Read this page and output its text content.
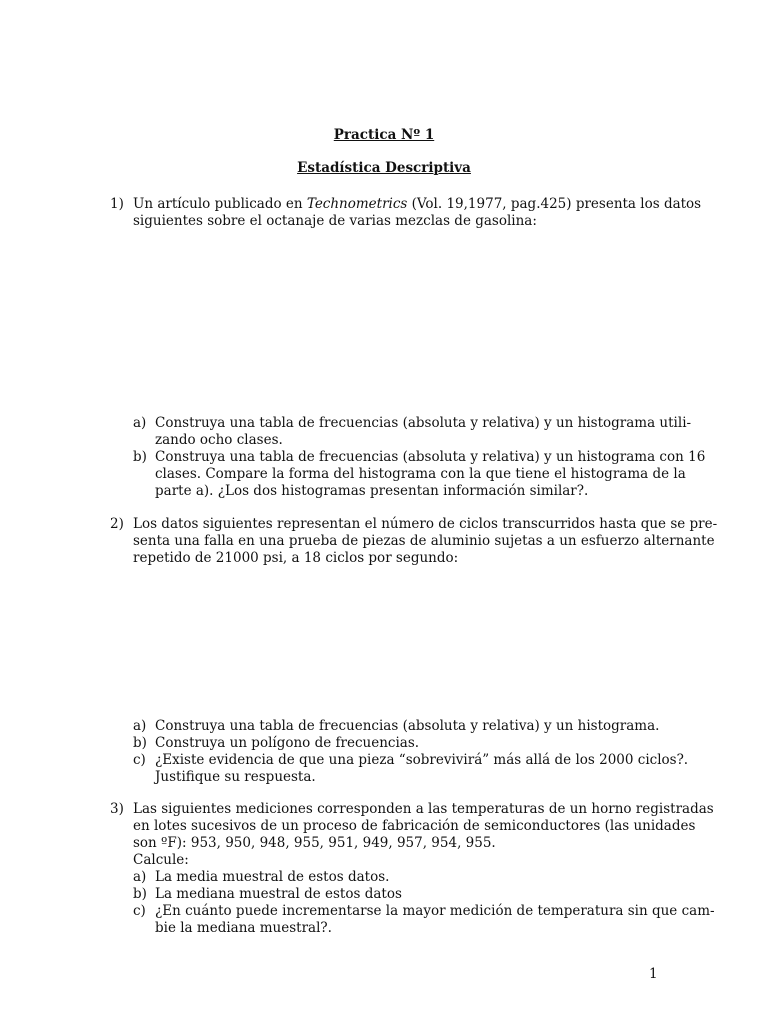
Practica Nº 1
Estadística Descriptiva
1) Un artículo publicado en Technometrics (Vol. 19,1977, pag.425) presenta los datos
siguientes sobre el octanaje de varias mezclas de gasolina:
a) Construya una tabla de frecuencias (absoluta y relativa) y un histograma utili-
zando ocho clases.
b) Construya una tabla de frecuencias (absoluta y relativa) y un histograma con 16
clases. Compare la forma del histograma con la que tiene el histograma de la
parte a). ¿Los dos histogramas presentan información similar?.
2) Los datos siguientes representan el número de ciclos transcurridos hasta que se pre-
senta una falla en una prueba de piezas de aluminio sujetas a un esfuerzo alternante
repetido de 21000 psi, a 18 ciclos por segundo:
a) Construya una tabla de frecuencias (absoluta y relativa) y un histograma.
b) Construya un polígono de frecuencias.
c) ¿Existe evidencia de que una pieza “sobrevivirá” más allá de los 2000 ciclos?.
Justifique su respuesta.
3) Las siguientes mediciones corresponden a las temperaturas de un horno registradas
en lotes sucesivos de un proceso de fabricación de semiconductores (las unidades
son ºF): 953, 950, 948, 955, 951, 949, 957, 954, 955.
Calcule:
a) La media muestral de estos datos.
b) La mediana muestral de estos datos
c) ¿En cuánto puede incrementarse la mayor medición de temperatura sin que cam-
bie la mediana muestral?.
1
